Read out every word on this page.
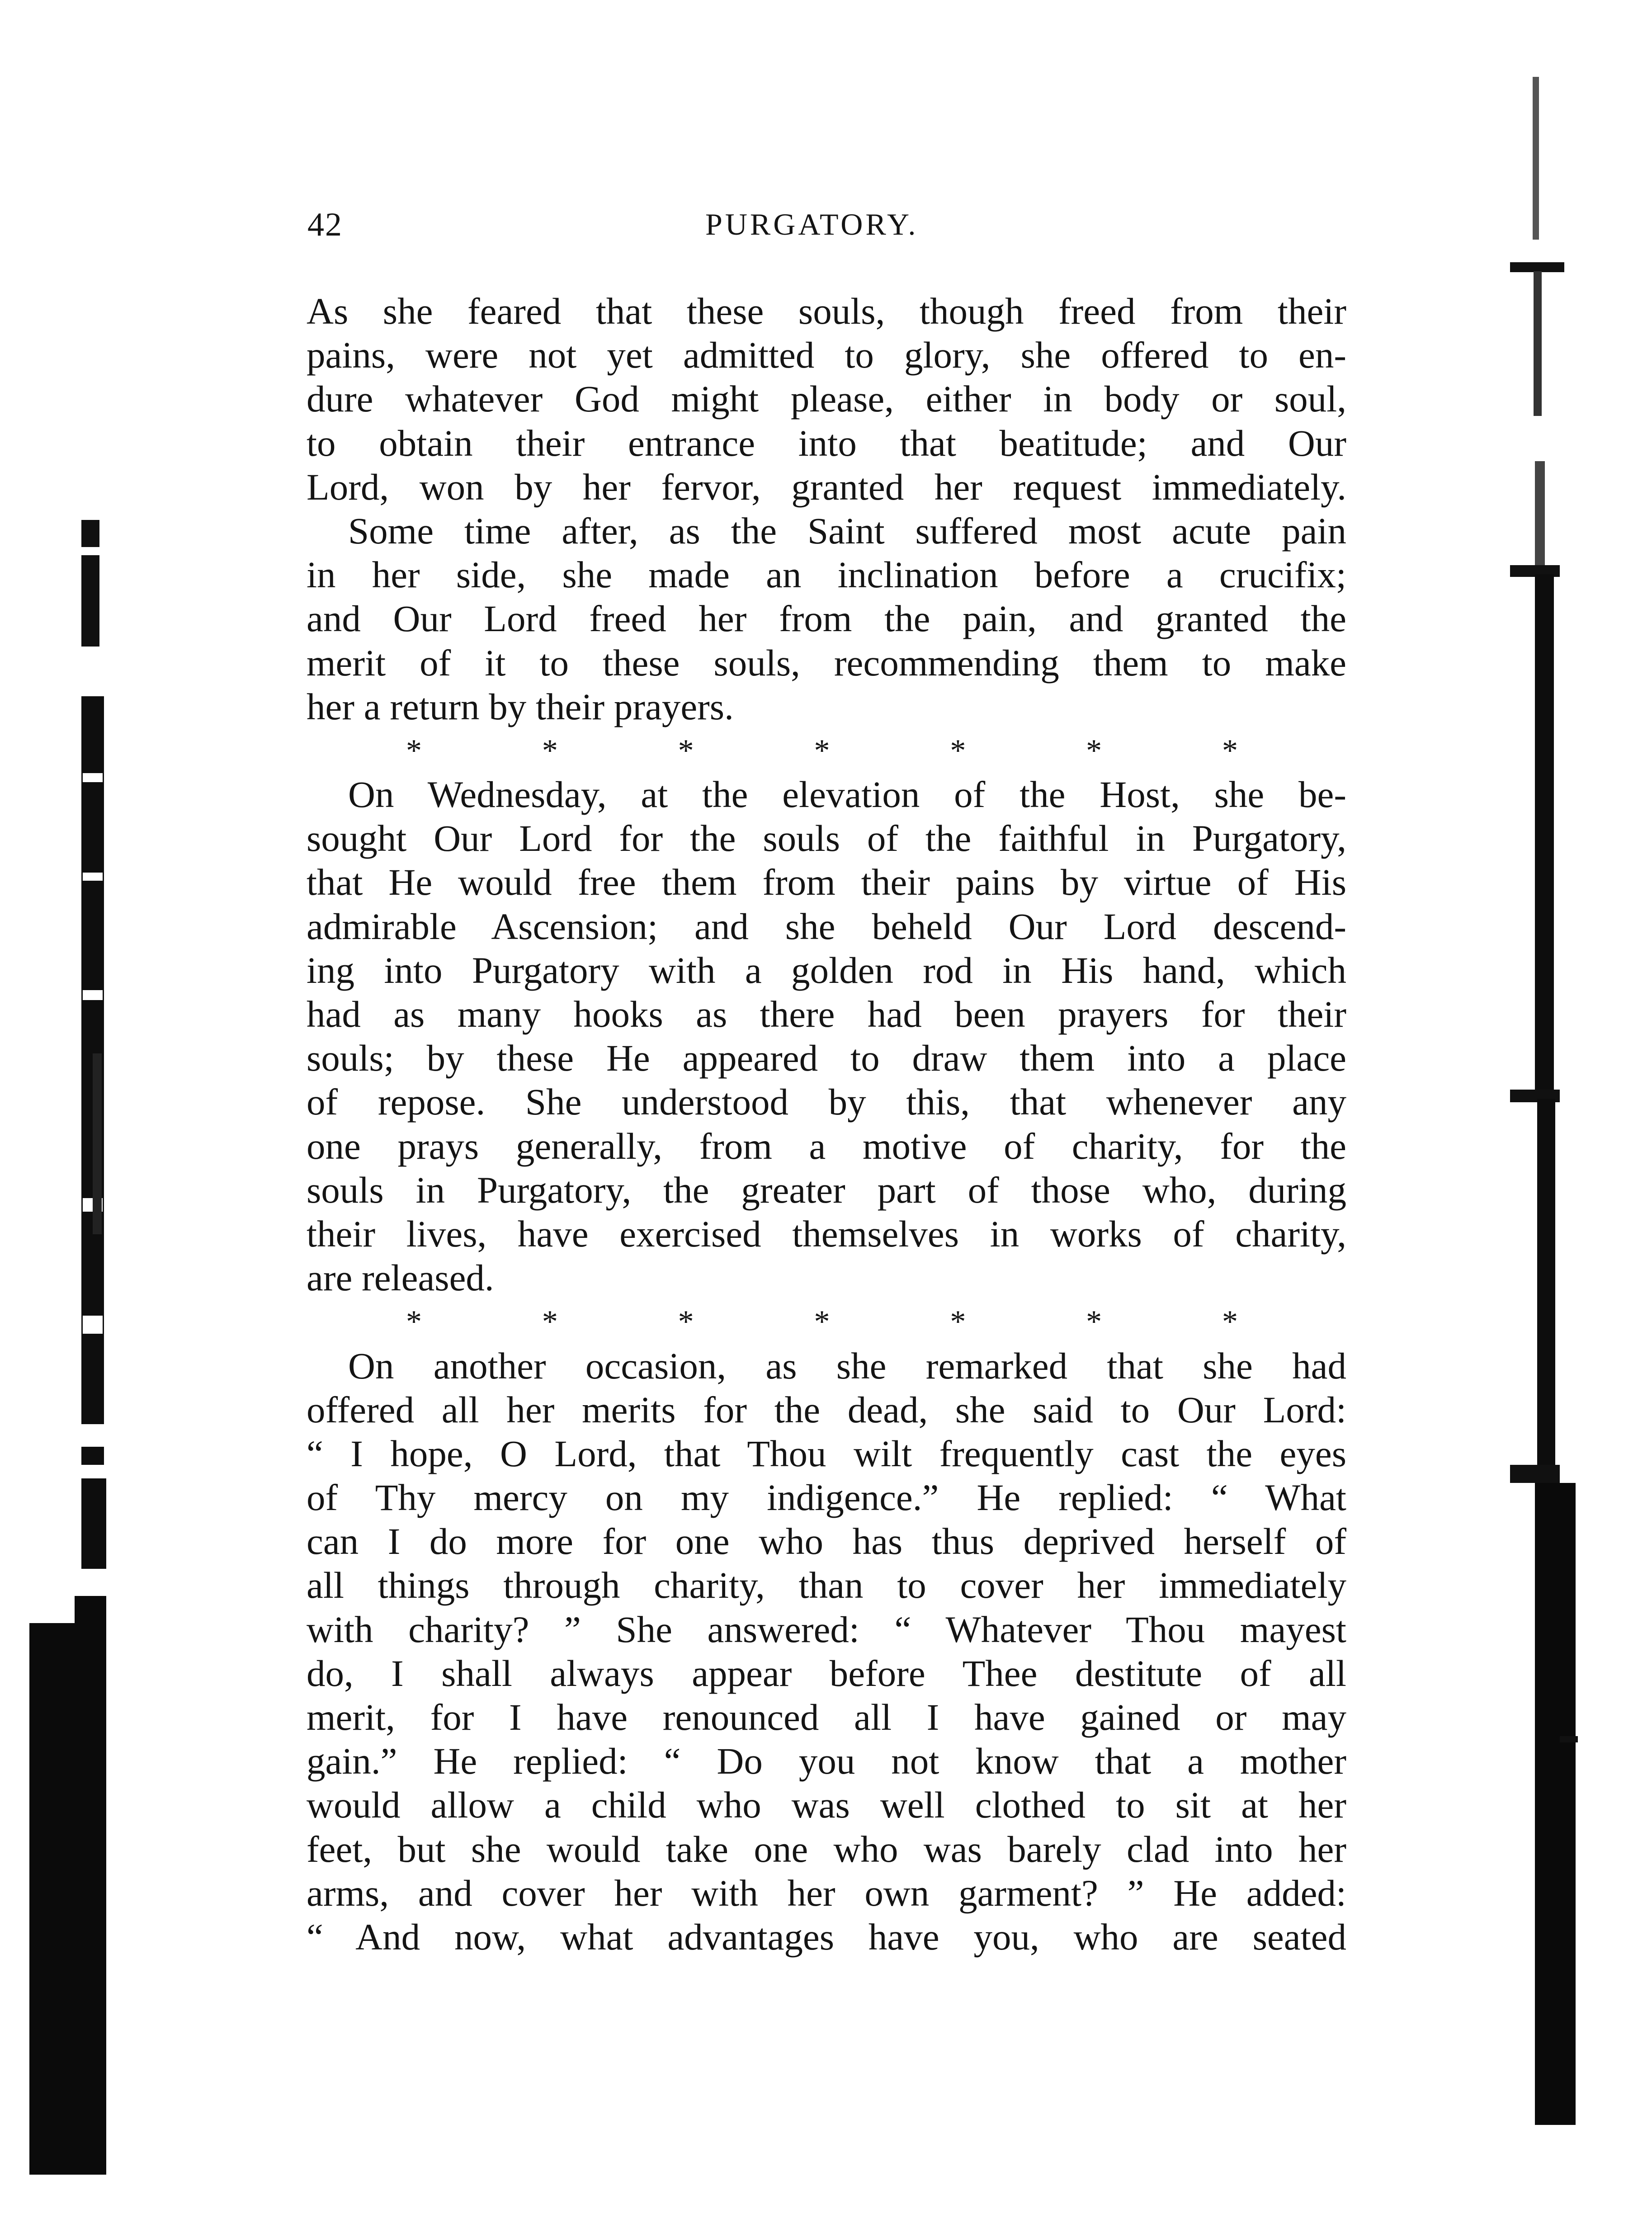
42	PURGATORY.
As she feared that these souls, though freed from their
pains, were not yet admitted to glory, she offered to en-
dure whatever God might please, either in body or soul,
to obtain their entrance into that beatitude; and Our
Lord, won by her fervor, granted her request immediately.
Some time after, as the Saint suffered most acute pain
in her side, she made an inclination before a crucifix;
and Our Lord freed her from the pain, and granted the
merit of it to these souls, recommending them to make
her a return by their prayers.
*	*	*	*	*	*	*
On Wednesday, at the elevation of the Host, she be-
sought Our Lord for the souls of the faithful in Purgatory,
that He would free them from their pains by virtue of His
admirable Ascension; and she beheld Our Lord descend-
ing into Purgatory with a golden rod in His hand, which
had as many hooks as there had been prayers for their
souls; by these He appeared to draw them into a place
of repose. She understood by this, that whenever any
one prays generally, from a motive of charity, for the
souls in Purgatory, the greater part of those who, during
their lives, have exercised themselves in works of charity,
are released.
*	*	*	*	*	*	*
On another occasion, as she remarked that she had
offered all her merits for the dead, she said to Our Lord:
“ I hope, O Lord, that Thou wilt frequently cast the eyes
of Thy mercy on my indigence.” He replied: “ What
can I do more for one who has thus deprived herself of
all things through charity, than to cover her immediately
with charity? ” She answered: “ Whatever Thou mayest
do, I shall always appear before Thee destitute of all
merit, for I have renounced all I have gained or may
gain.” He replied: “ Do you not know that a mother
would allow a child who was well clothed to sit at her
feet, but she would take one who was barely clad into her
arms, and cover her with her own garment? ” He added:
“ And now, what advantages have you, who are seated
